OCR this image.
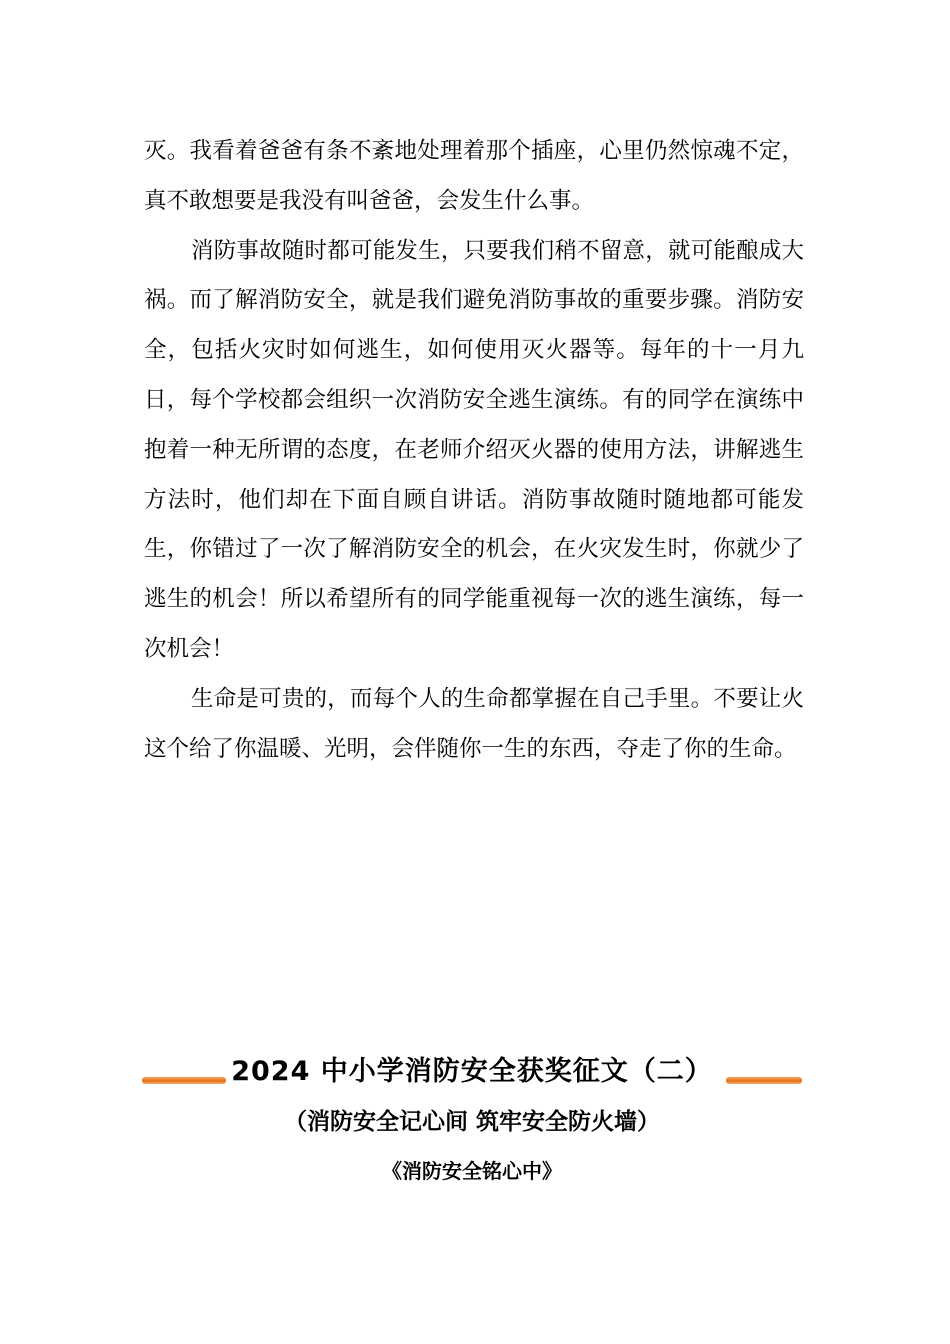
灭。我看着爸爸有条不紊地处理着那个插座，心里仍然惊魂不定，真不敢想要是我没有叫爸爸，会发生什么事。

消防事故随时都可能发生，只要我们稍不留意，就可能酿成大祸。而了解消防安全，就是我们避免消防事故的重要步骤。消防安全，包括火灾时如何逃生，如何使用灭火器等。每年的十一月九日，每个学校都会组织一次消防安全逃生演练。有的同学在演练中抱着一种无所谓的态度，在老师介绍灭火器的使用方法，讲解逃生方法时，他们却在下面自顾自讲话。消防事故随时随地都可能发生，你错过了一次了解消防安全的机会，在火灾发生时，你就少了逃生的机会！所以希望所有的同学能重视每一次的逃生演练，每一次机会！

生命是可贵的，而每个人的生命都掌握在自己手里。不要让火这个给了你温暖、光明，会伴随你一生的东西，夺走了你的生命。

2024 中小学消防安全获奖征文（二）
（消防安全记心间 筑牢安全防火墙）
《消防安全铭心中》
